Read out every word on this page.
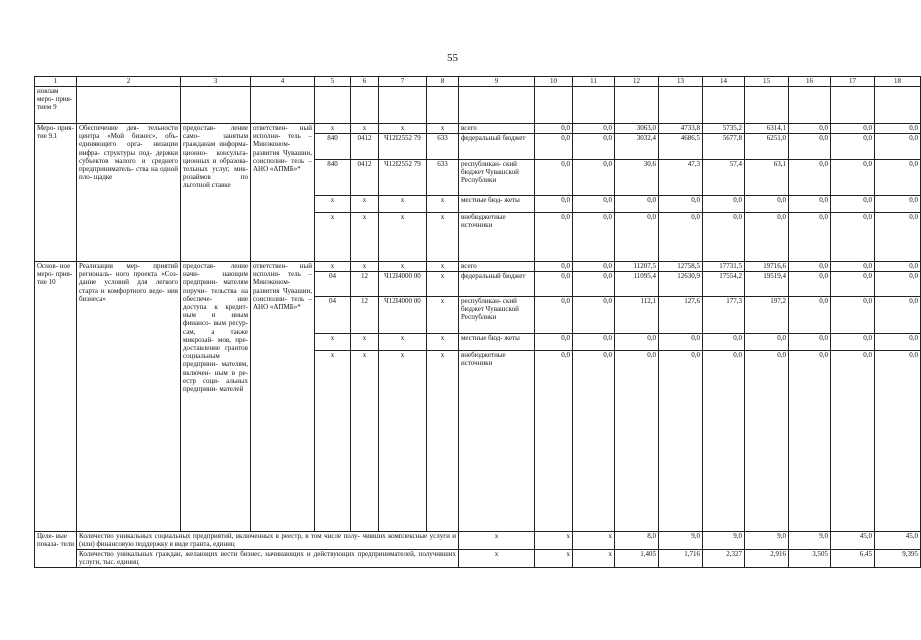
55
1	2	3	4	5	6	7	8	9	10	11	12	13	14	15	16	17	18
новлам меро- прия- тием 9																	
Меро- прия- тие 9.1	Обеспечение дея- тельности центра «Мой бизнес», объ- единяющего орга- низации инфра- структуры под- держки субъектов малого и среднего предприниматель- ства на одной пло- щадке	предостав- ление само- занятым гражданам информа- ционно- консульта- ционных и образова- тельных услуг, мик- розаймов по льготной ставке	ответствен- ный исполни- тель – Минэконом- развития Чувашии, соисполни- тель – АНО «АПМБ»*	х	х	х	х	всего	0,0	0,0	3063,0	4733,8	5735,2	6314,1	0,0	0,0	0,0
				840	0412	Ч12I2552 79	633	федеральный бюджет	0,0	0,0	3032,4	4686,5	5677,8	6251,0	0,0	0,0	0,0
				840	0412	Ч12I2552 79	633	республикан- ский бюджет Чувашской Республики	0,0	0,0	30,6	47,3	57,4	63,1	0,0	0,0	0,0
				х	х	х	х	местные бюд- жеты	0,0	0,0	0,0	0,0	0,0	0,0	0,0	0,0	0,0
				х	х	х	х	внебюджетные источники	0,0	0,0	0,0	0,0	0,0	0,0	0,0	0,0	0,0
Основ- ное меро- прия- тие 10	Реализация мер- приятий региональ- ного проекта «Соз- дание условий для легкого старта и комфортного веде- ния бизнеса»	предостав- ление начи- нающим предприни- мателям поручи- тельства на обеспече- ние доступа к кредит- ным и иным финансо- вым ресур- сам, а также микрозай- мов, пре- доставление грантов социальным предприни- мателям, включен- ным в ре- естр соци- альных предприни- мателей	ответствен- ный исполни- тель – Минэконом- развития Чувашии, соисполни- тель – АНО «АПМБ»*	х	х	х	х	всего	0,0	0,0	11207,5	12758,5	17731,5	19716,6	0,0	0,0	0,0
				04	12	Ч12I4000 00	х	федеральный бюджет	0,0	0,0	11095,4	12630,9	17554,2	19519,4	0,0	0,0	0,0
				04	12	Ч12I4000 00	х	республикан- ский бюджет Чувашской Республики	0,0	0,0	112,1	127,6	177,3	197,2	0,0	0,0	0,0
				х	х	х	х	местные бюд- жеты	0,0	0,0	0,0	0,0	0,0	0,0	0,0	0,0	0,0
				х	х	х	х	внебюджетные источники	0,0	0,0	0,0	0,0	0,0	0,0	0,0	0,0	0,0
Целе- вые показа- тели	Количество уникальных социальных предприятий, включенных в реестр, в том числе полу- чивших комплексные услуги и (или) финансовую поддержку в виде гранта, единиц							х	х	х	8,0	9,0	9,0	9,0	9,0	45,0	45,0
	Количество уникальных граждан, желающих вести бизнес, начинающих и действующих предпринимателей, получивших услуги, тыс. единиц							х	х	х	1,405	1,716	2,327	2,916	3,505	6,45	9,395
